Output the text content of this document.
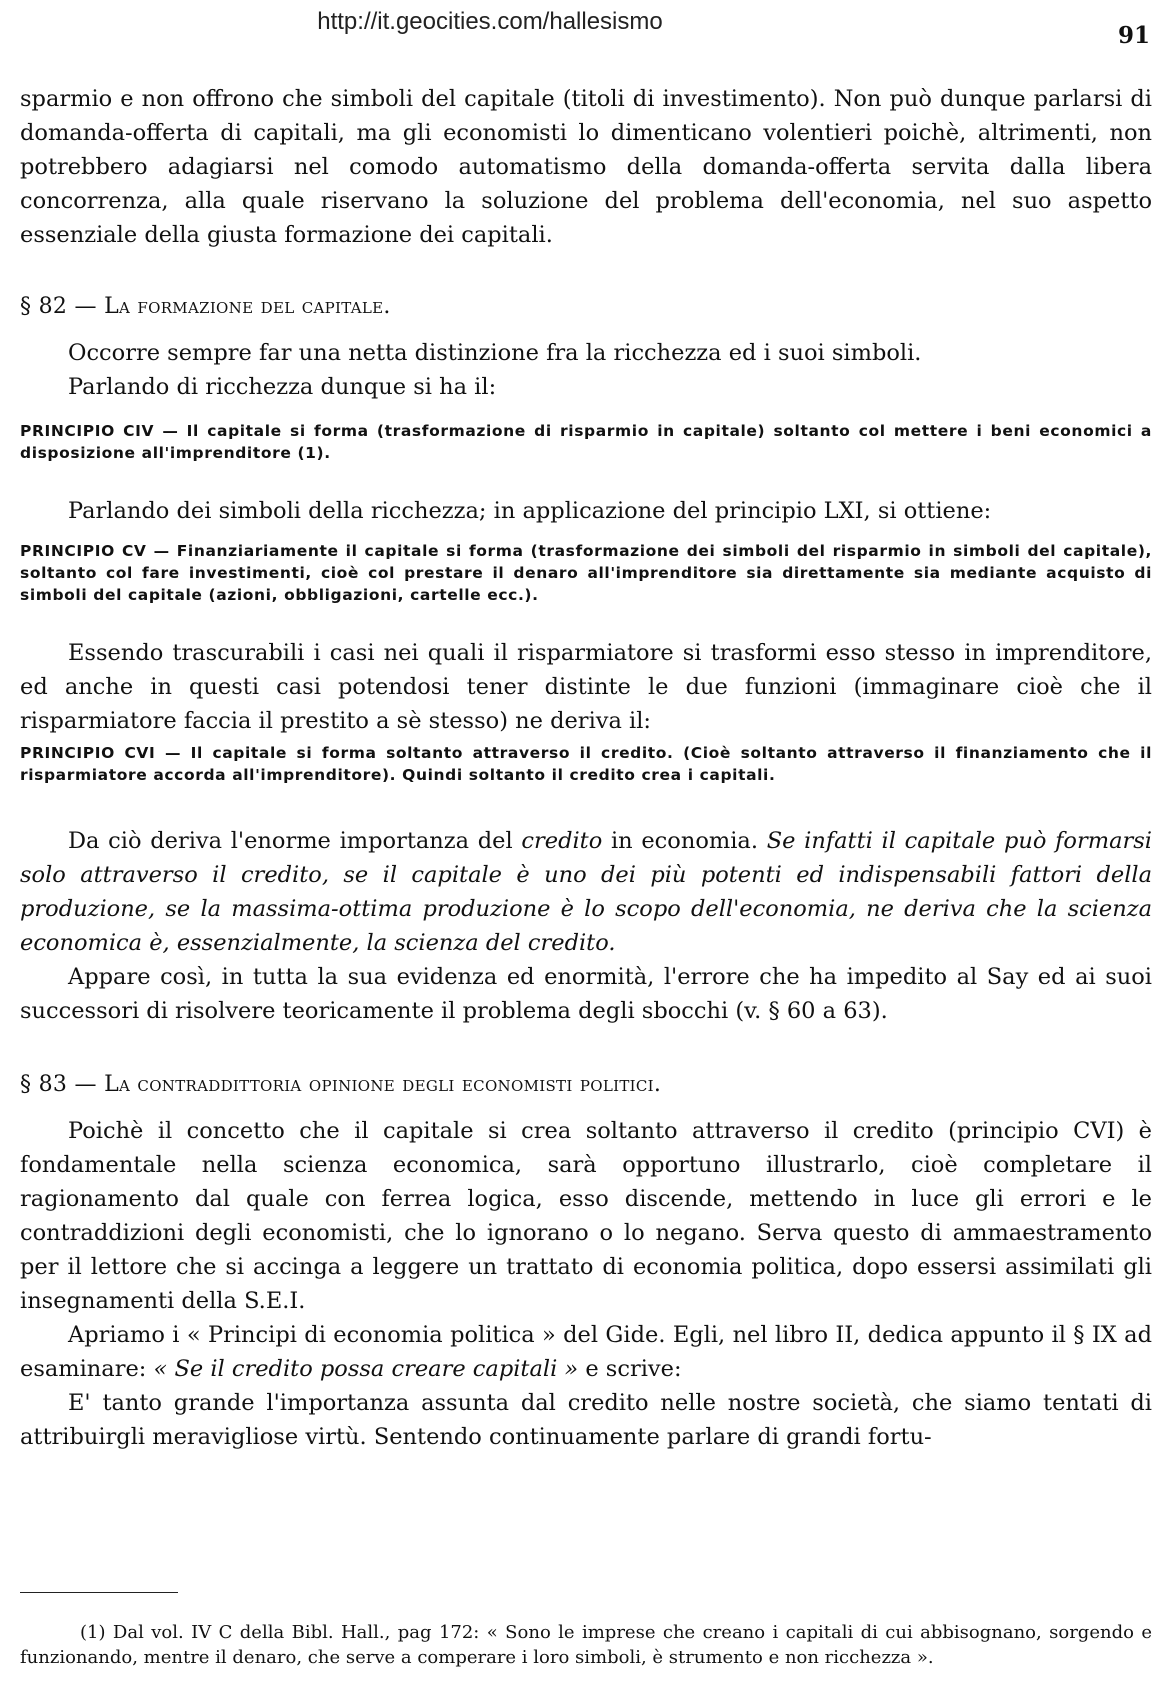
http://it.geocities.com/hallesismo
91

sparmio e non offrono che simboli del capitale (titoli di investimento). Non può dunque parlarsi di domanda-offerta di capitali, ma gli economisti lo dimenticano volentieri poichè, altrimenti, non potrebbero adagiarsi nel comodo automatismo della domanda-offerta servita dalla libera concorrenza, alla quale riservano la soluzione del problema dell'economia, nel suo aspetto essenziale della giusta formazione dei capitali.

§ 82 — La formazione del capitale.

Occorre sempre far una netta distinzione fra la ricchezza ed i suoi simboli.

Parlando di ricchezza dunque si ha il:

PRINCIPIO CIV — Il capitale si forma (trasformazione di risparmio in capitale) soltanto col mettere i beni economici a disposizione all'imprenditore (1).

Parlando dei simboli della ricchezza; in applicazione del principio LXI, si ottiene:

PRINCIPIO CV — Finanziariamente il capitale si forma (trasformazione dei simboli del risparmio in simboli del capitale), soltanto col fare investimenti, cioè col prestare il denaro all'imprenditore sia direttamente sia mediante acquisto di simboli del capitale (azioni, obbligazioni, cartelle ecc.).

Essendo trascurabili i casi nei quali il risparmiatore si trasformi esso stesso in imprenditore, ed anche in questi casi potendosi tener distinte le due funzioni (immaginare cioè che il risparmiatore faccia il prestito a sè stesso) ne deriva il:

PRINCIPIO CVI — Il capitale si forma soltanto attraverso il credito. (Cioè soltanto attraverso il finanziamento che il risparmiatore accorda all'imprenditore). Quindi soltanto il credito crea i capitali.

Da ciò deriva l'enorme importanza del credito in economia. Se infatti il capitale può formarsi solo attraverso il credito, se il capitale è uno dei più potenti ed indispensabili fattori della produzione, se la massima-ottima produzione è lo scopo dell'economia, ne deriva che la scienza economica è, essenzialmente, la scienza del credito.

Appare così, in tutta la sua evidenza ed enormità, l'errore che ha impedito al Say ed ai suoi successori di risolvere teoricamente il problema degli sbocchi (v. § 60 a 63).

§ 83 — La contraddittoria opinione degli economisti politici.

Poichè il concetto che il capitale si crea soltanto attraverso il credito (principio CVI) è fondamentale nella scienza economica, sarà opportuno illustrarlo, cioè completare il ragionamento dal quale con ferrea logica, esso discende, mettendo in luce gli errori e le contraddizioni degli economisti, che lo ignorano o lo negano. Serva questo di ammaestramento per il lettore che si accinga a leggere un trattato di economia politica, dopo essersi assimilati gli insegnamenti della S.E.I.

Apriamo i « Principi di economia politica » del Gide. Egli, nel libro II, dedica appunto il § IX ad esaminare: « Se il credito possa creare capitali » e scrive:

E' tanto grande l'importanza assunta dal credito nelle nostre società, che siamo tentati di attribuirgli meravigliose virtù. Sentendo continuamente parlare di grandi fortu-

(1) Dal vol. IV C della Bibl. Hall., pag 172: « Sono le imprese che creano i capitali di cui abbisognano, sorgendo e funzionando, mentre il denaro, che serve a comperare i loro simboli, è strumento e non ricchezza ».
